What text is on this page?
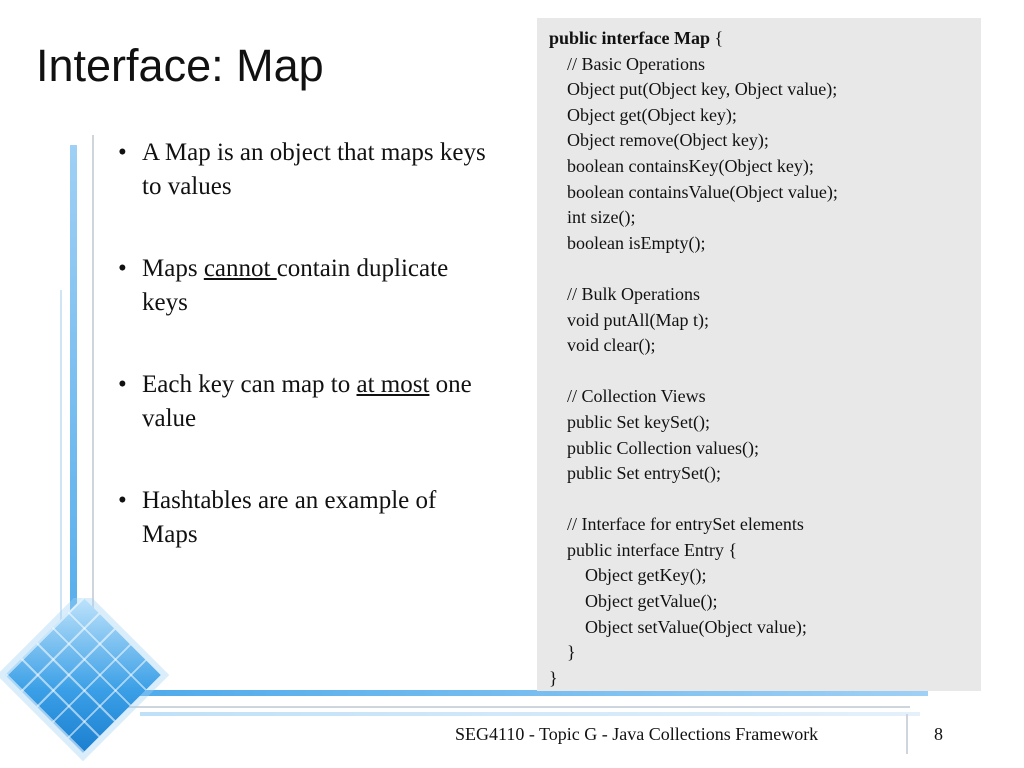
Interface: Map
• A Map is an object that maps keys to values
• Maps cannot contain duplicate keys
• Each key can map to at most one value
• Hashtables are an example of Maps
public interface Map {
// Basic Operations
Object put(Object key, Object value);
Object get(Object key);
Object remove(Object key);
boolean containsKey(Object key);
boolean containsValue(Object value);
int size();
boolean isEmpty();

// Bulk Operations
void putAll(Map t);
void clear();

// Collection Views
public Set keySet();
public Collection values();
public Set entrySet();

// Interface for entrySet elements
public interface Entry {
Object getKey();
Object getValue();
Object setValue(Object value);
}
}
SEG4110 - Topic G - Java Collections Framework	8
